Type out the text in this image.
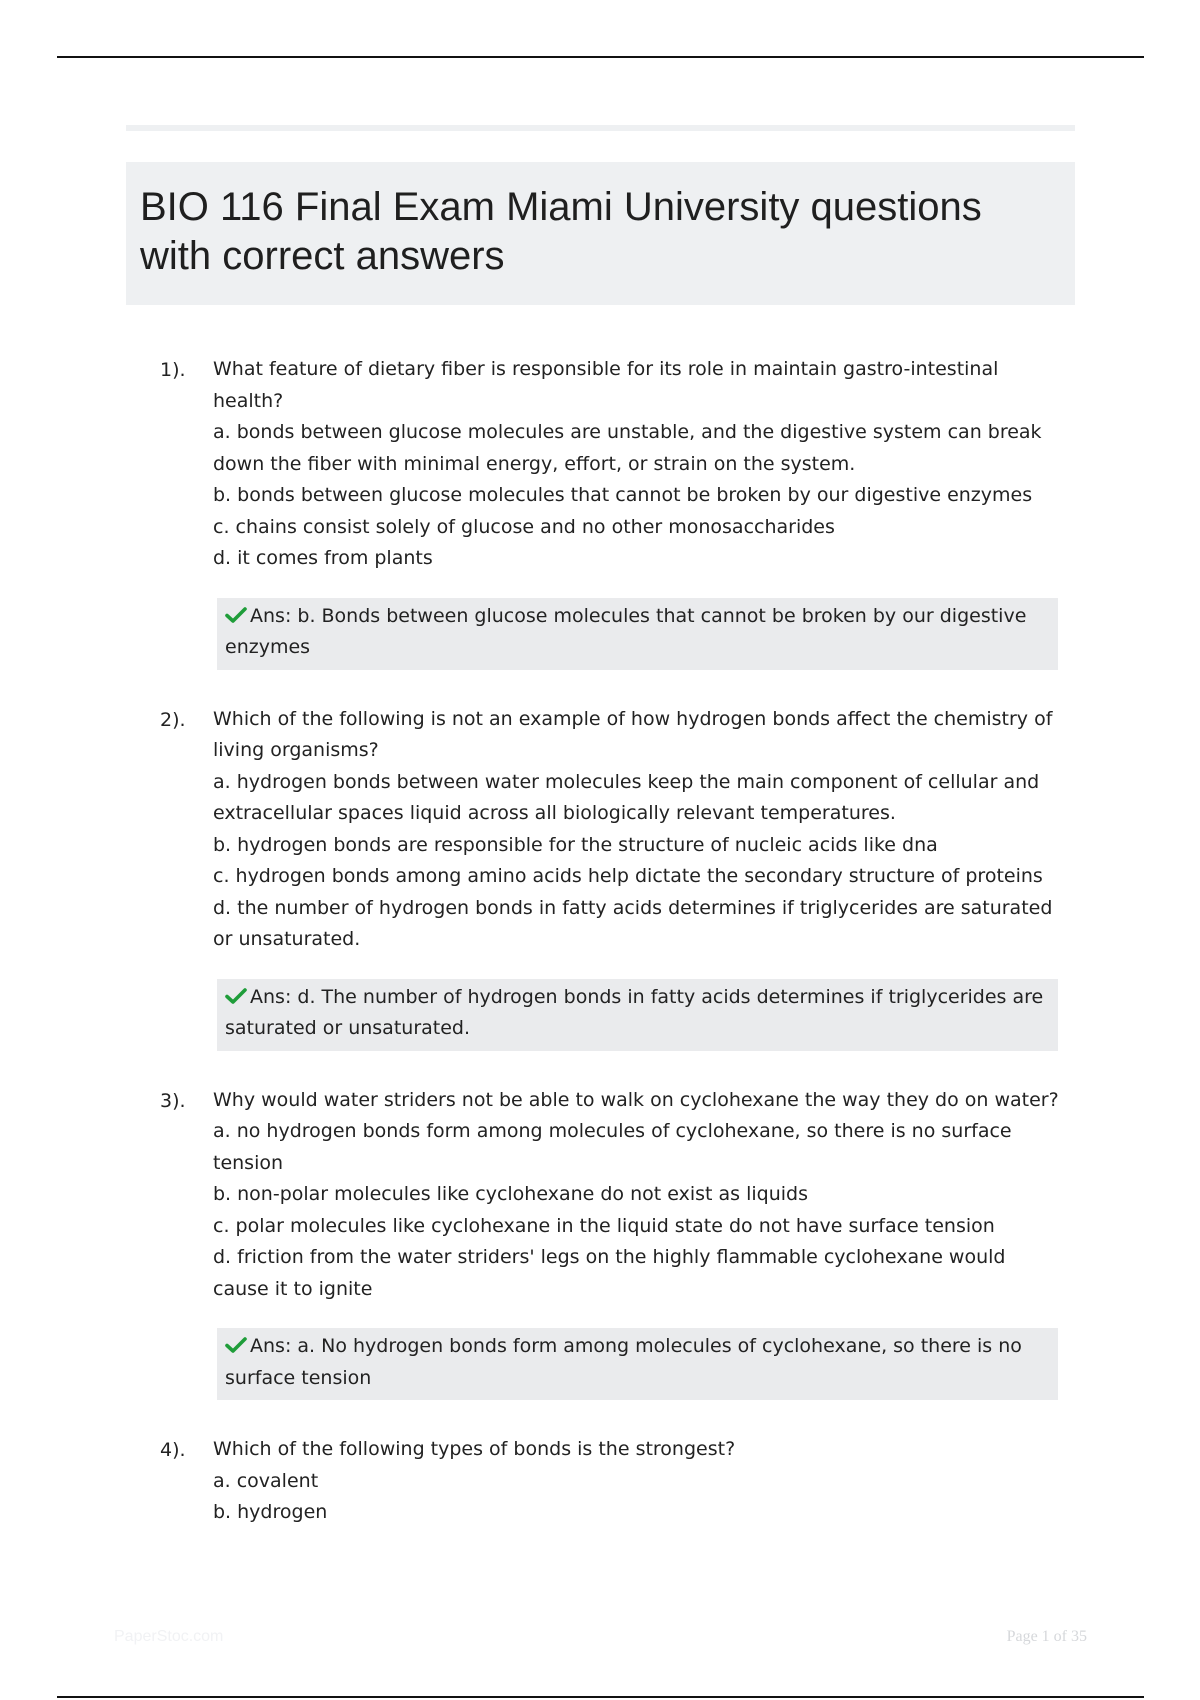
BIO 116 Final Exam Miami University questions with correct answers
1).	What feature of dietary fiber is responsible for its role in maintain gastro-intestinal health?
a. bonds between glucose molecules are unstable, and the digestive system can break down the fiber with minimal energy, effort, or strain on the system.
b. bonds between glucose molecules that cannot be broken by our digestive enzymes
c. chains consist solely of glucose and no other monosaccharides
d. it comes from plants
Ans: b. Bonds between glucose molecules that cannot be broken by our digestive enzymes
2).	Which of the following is not an example of how hydrogen bonds affect the chemistry of living organisms?
a. hydrogen bonds between water molecules keep the main component of cellular and extracellular spaces liquid across all biologically relevant temperatures.
b. hydrogen bonds are responsible for the structure of nucleic acids like dna
c. hydrogen bonds among amino acids help dictate the secondary structure of proteins
d. the number of hydrogen bonds in fatty acids determines if triglycerides are saturated or unsaturated.
Ans: d. The number of hydrogen bonds in fatty acids determines if triglycerides are saturated or unsaturated.
3).	Why would water striders not be able to walk on cyclohexane the way they do on water?
a. no hydrogen bonds form among molecules of cyclohexane, so there is no surface tension
b. non-polar molecules like cyclohexane do not exist as liquids
c. polar molecules like cyclohexane in the liquid state do not have surface tension
d. friction from the water striders' legs on the highly flammable cyclohexane would cause it to ignite
Ans: a. No hydrogen bonds form among molecules of cyclohexane, so there is no surface tension
4).	Which of the following types of bonds is the strongest?
a. covalent
b. hydrogen
PaperStoc.com	Page 1 of 35
